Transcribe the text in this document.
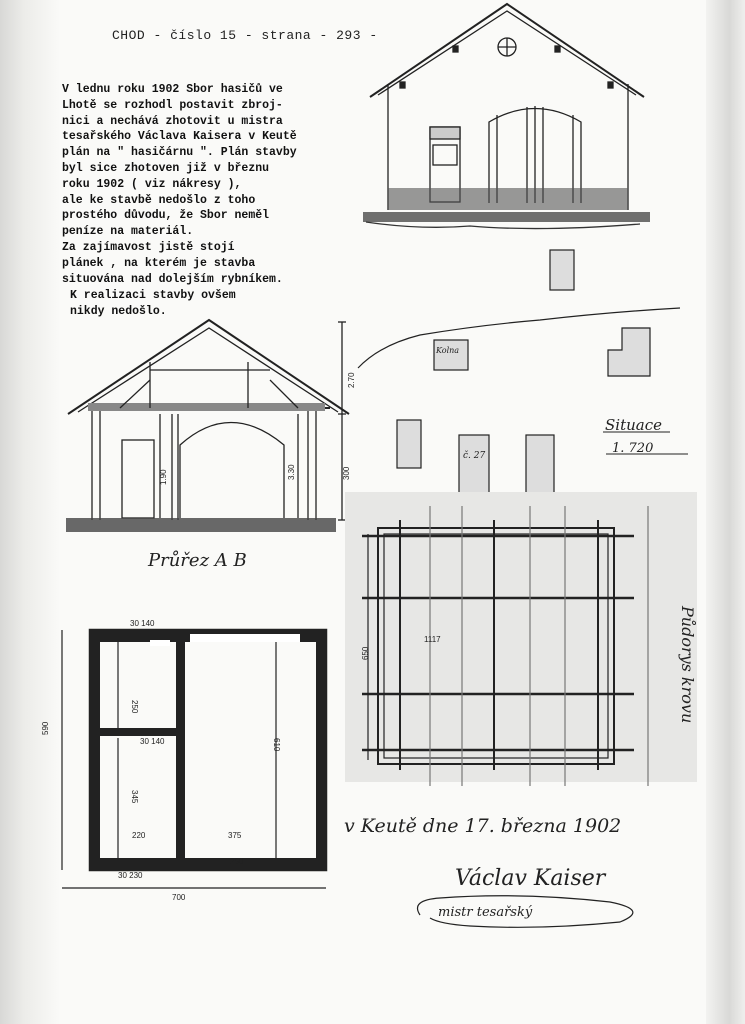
CHOD - číslo 15 - strana - 293 -
V lednu roku 1902 Sbor hasičů ve
Lhotě se rozhodl postavit zbroj-
nici a nechává zhotovit u mistra
tesařského Václava Kaisera v Keutě
plán na " hasičárnu ". Plán stavby
byl sice zhotoven již v březnu
roku 1902 ( viz nákresy ),
ale ke stavbě nedošlo z toho
prostého důvodu, že Sbor neměl
peníze na materiál.
Za zajímavost jistě stojí
plánek , na kterém je stavba
situována nad dolejším rybníkem.
K realizaci stavby ovšem
nikdy nedošlo.
Kolna
č. 27
Situace
1. 720
2.70
300
1.90	3.30
Průřez A B
30 140
250
30 140
345
610
590
220	375
280
30 230
700
650
1117	Půdorys krovu
v Keutě dne 17. března 1902
Václav Kaiser
mistr tesařský
